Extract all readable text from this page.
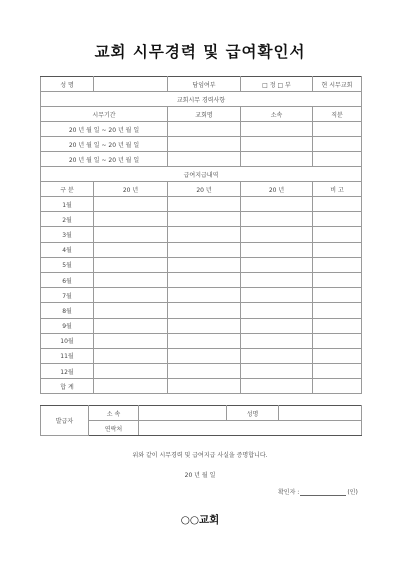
교회 시무경력 및 급여확인서
성 명		담임여부	□ 정 □ 부	현 시무교회
교회시무 경력사항				
시무기간		교회명	소속	직분
20 년 월 일 ~ 20 년 월 일				
20 년 월 일 ~ 20 년 월 일				
20 년 월 일 ~ 20 년 월 일				
급여지급내역				
구 분	20 년	20 년	20 년	비 고
1월				
2월				
3월				
4월				
5월				
6월				
7월				
8월				
9월				
10월				
11월				
12월				
합 계				
발급자	소 속		성명	
	연락처			
위와 같이 시무경력 및 급여지급 사실을 증명합니다.
20 년 월 일
확인자 :	(인)
○○교회
